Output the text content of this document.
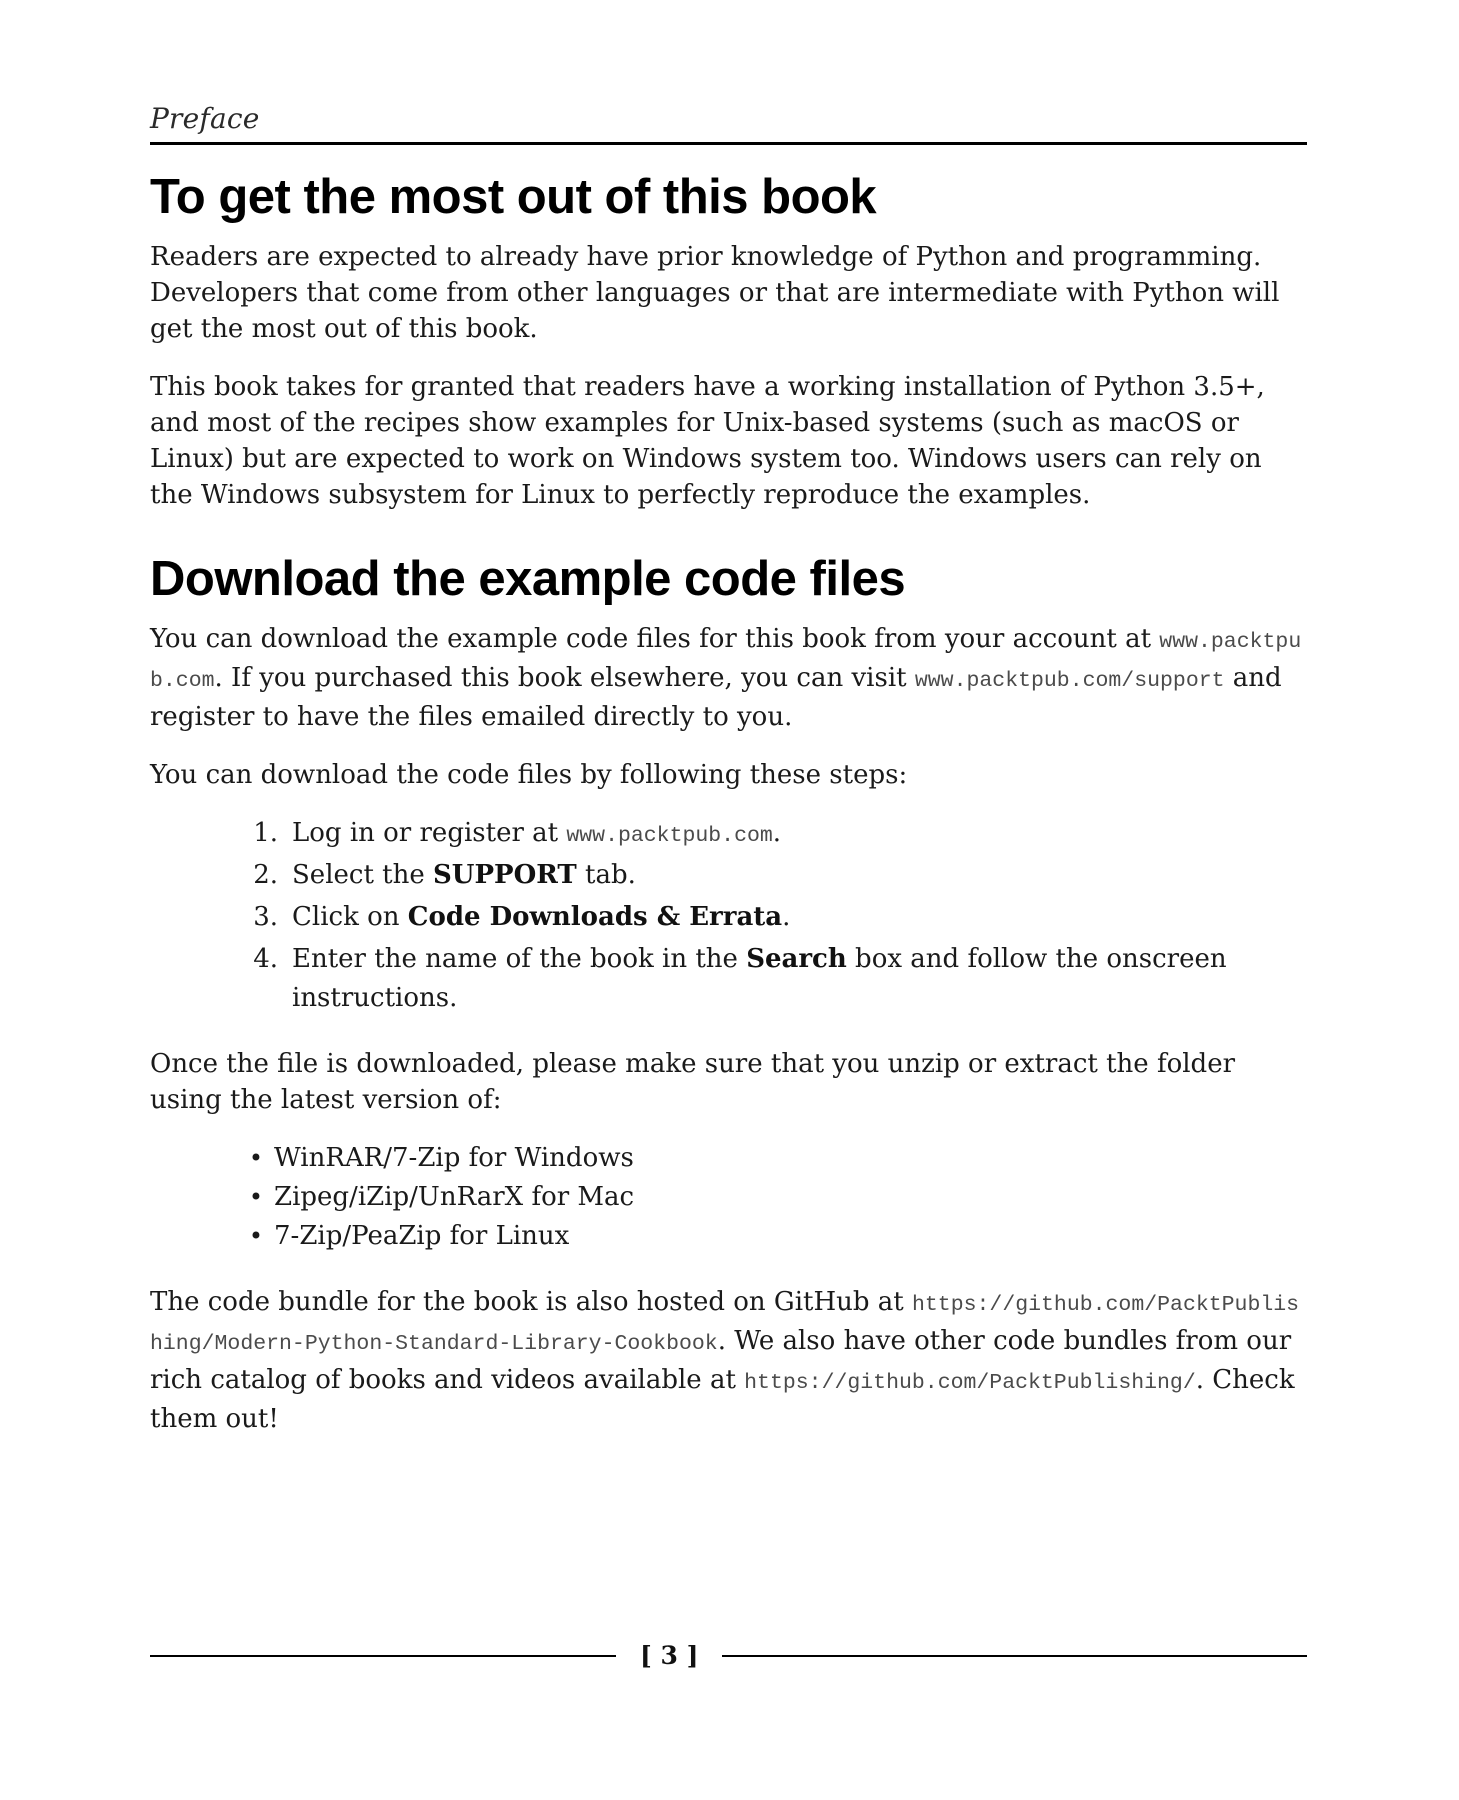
Preface
To get the most out of this book

Readers are expected to already have prior knowledge of Python and programming. Developers that come from other languages or that are intermediate with Python will get the most out of this book.

This book takes for granted that readers have a working installation of Python 3.5+, and most of the recipes show examples for Unix-based systems (such as macOS or Linux) but are expected to work on Windows system too. Windows users can rely on the Windows subsystem for Linux to perfectly reproduce the examples.

Download the example code files

You can download the example code files for this book from your account at www.packtpub.com. If you purchased this book elsewhere, you can visit www.packtpub.com/support and register to have the files emailed directly to you.

You can download the code files by following these steps:

1. Log in or register at www.packtpub.com.
2. Select the SUPPORT tab.
3. Click on Code Downloads & Errata.
4. Enter the name of the book in the Search box and follow the onscreen instructions.

Once the file is downloaded, please make sure that you unzip or extract the folder using the latest version of:

• WinRAR/7-Zip for Windows
• Zipeg/iZip/UnRarX for Mac
• 7-Zip/PeaZip for Linux

The code bundle for the book is also hosted on GitHub at https://github.com/PacktPublishing/Modern-Python-Standard-Library-Cookbook. We also have other code bundles from our rich catalog of books and videos available at https://github.com/PacktPublishing/. Check them out!

[ 3 ]
